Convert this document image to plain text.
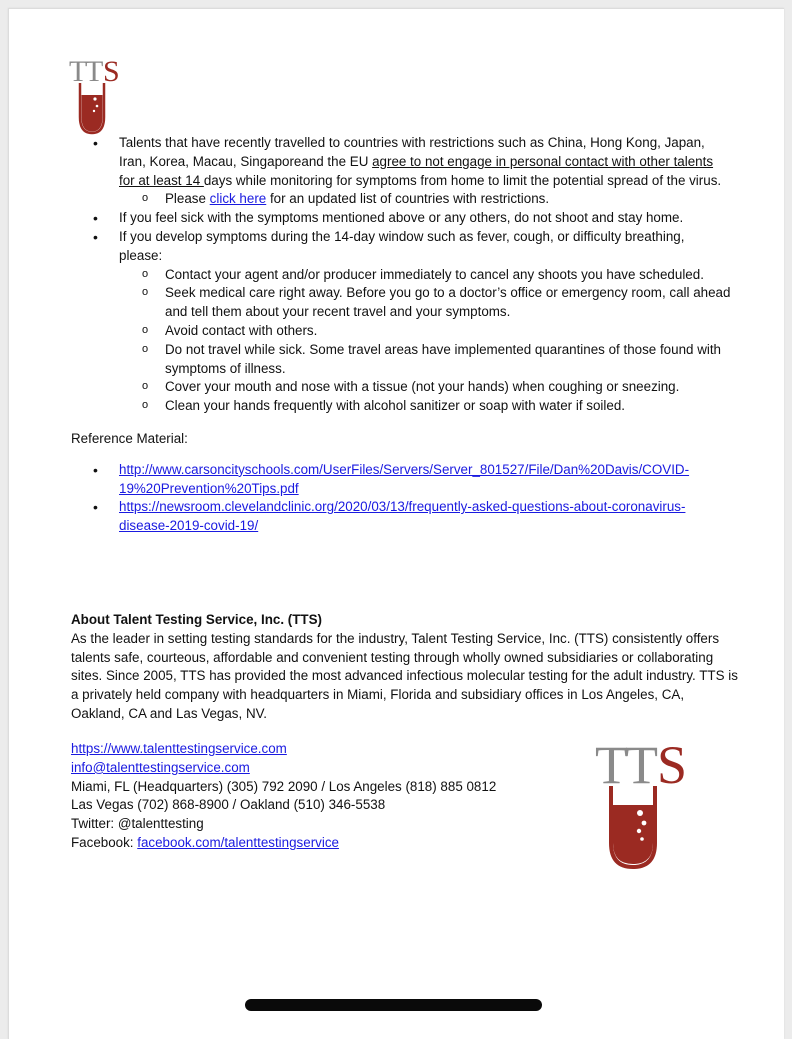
T
T S
T
T S
• Talents that have recently travelled to countries with restrictions such as China, Hong Kong, Japan, Iran, Korea, Macau, Singaporeand the EU agree to not engage in personal contact with other talents for at least 14 days while monitoring for symptoms from home to limit the potential spread of the virus.
o Please click here for an updated list of countries with restrictions.
• If you feel sick with the symptoms mentioned above or any others, do not shoot and stay home.
• If you develop symptoms during the 14-day window such as fever, cough, or difficulty breathing, please:
o Contact your agent and/or producer immediately to cancel any shoots you have scheduled.
o Seek medical care right away. Before you go to a doctor’s office or emergency room, call ahead and tell them about your recent travel and your symptoms.
o Avoid contact with others.
o Do not travel while sick. Some travel areas have implemented quarantines of those found with symptoms of illness.
o Cover your mouth and nose with a tissue (not your hands) when coughing or sneezing.
o Clean your hands frequently with alcohol sanitizer or soap with water if soiled.
Reference Material:
• http://www.carsoncityschools.com/UserFiles/Servers/Server_801527/File/Dan%20Davis/COVID-19%20Prevention%20Tips.pdf
• https://newsroom.clevelandclinic.org/2020/03/13/frequently-asked-questions-about-coronavirus-disease-2019-covid-19/
About Talent Testing Service, Inc. (TTS)

As the leader in setting testing standards for the industry, Talent Testing Service, Inc. (TTS) consistently offers talents safe, courteous, affordable and convenient testing through wholly owned subsidiaries or collaborating sites. Since 2005, TTS has provided the most advanced infectious molecular testing for the adult industry. TTS is a privately held company with headquarters in Miami, Florida and subsidiary offices in Los Angeles, CA, Oakland, CA and Las Vegas, NV.

https://www.talenttestingservice.com
info@talenttestingservice.com
Miami, FL (Headquarters) (305) 792 2090 / Los Angeles (818) 885 0812
Las Vegas (702) 868-8900 / Oakland (510) 346-5538
Twitter: @talenttesting
Facebook: facebook.com/talenttestingservice
